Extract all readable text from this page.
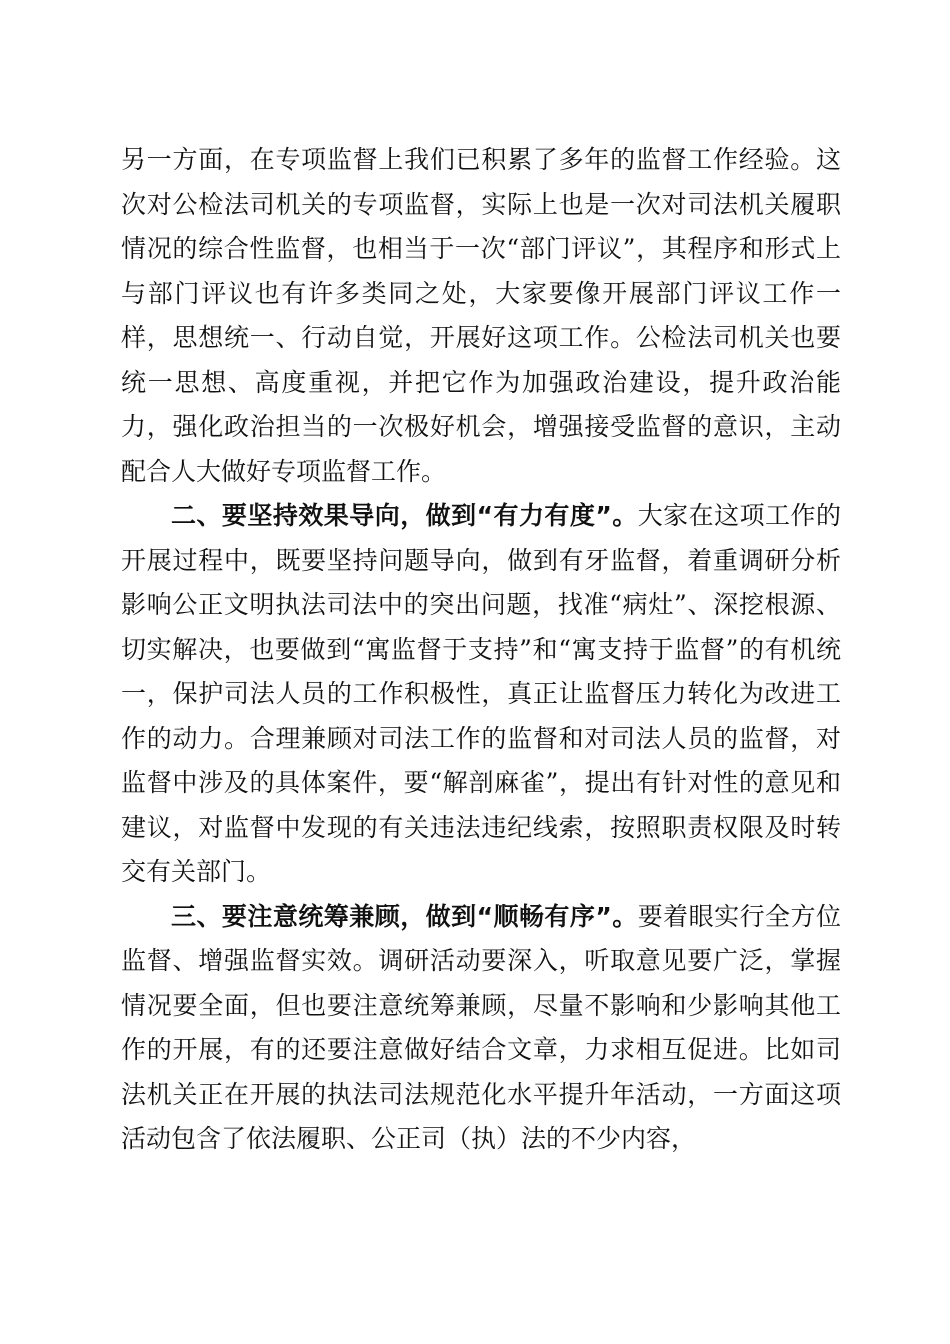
另一方面，在专项监督上我们已积累了多年的监督工作经验。这次对公检法司机关的专项监督，实际上也是一次对司法机关履职情况的综合性监督，也相当于一次“部门评议”，其程序和形式上与部门评议也有许多类同之处，大家要像开展部门评议工作一样，思想统一、行动自觉，开展好这项工作。公检法司机关也要统一思想、高度重视，并把它作为加强政治建设，提升政治能力，强化政治担当的一次极好机会，增强接受监督的意识，主动配合人大做好专项监督工作。

二、要坚持效果导向，做到“有力有度”。大家在这项工作的开展过程中，既要坚持问题导向，做到有牙监督，着重调研分析影响公正文明执法司法中的突出问题，找准“病灶”、深挖根源、切实解决，也要做到“寓监督于支持”和“寓支持于监督”的有机统一，保护司法人员的工作积极性，真正让监督压力转化为改进工作的动力。合理兼顾对司法工作的监督和对司法人员的监督，对监督中涉及的具体案件，要“解剖麻雀”，提出有针对性的意见和建议，对监督中发现的有关违法违纪线索，按照职责权限及时转交有关部门。

三、要注意统筹兼顾，做到“顺畅有序”。要着眼实行全方位监督、增强监督实效。调研活动要深入，听取意见要广泛，掌握情况要全面，但也要注意统筹兼顾，尽量不影响和少影响其他工作的开展，有的还要注意做好结合文章，力求相互促进。比如司法机关正在开展的执法司法规范化水平提升年活动，一方面这项活动包含了依法履职、公正司（执）法的不少内容，
